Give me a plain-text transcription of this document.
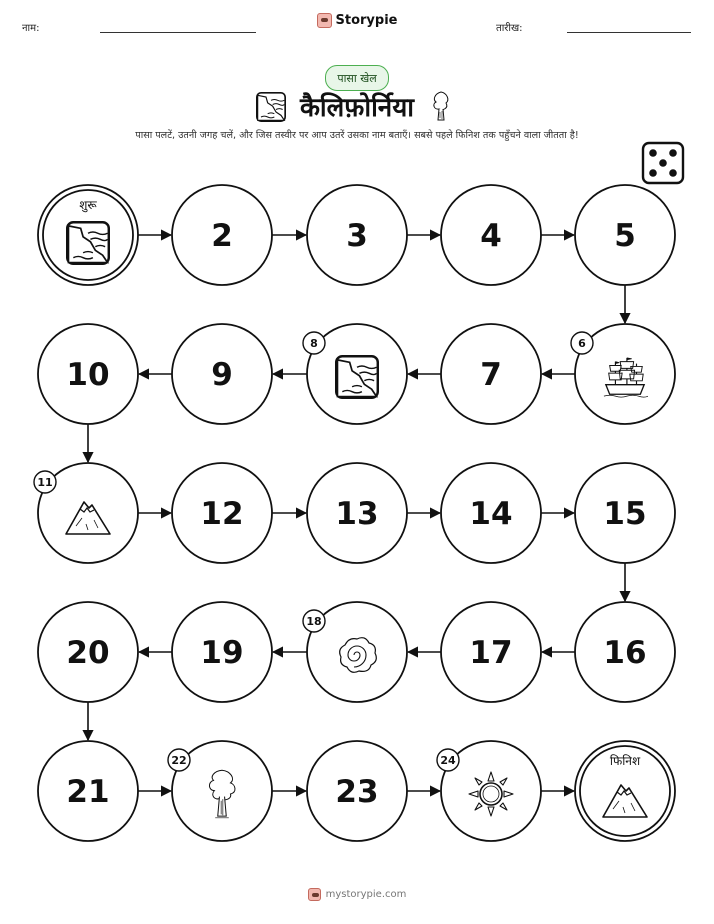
नाम:
Storypie
तारीख:
पासा खेल
कैलिफ़ोर्निया
पासा पलटें, उतनी जगह चलें, और जिस तस्वीर पर आप उतरें उसका नाम बताएँ। सबसे पहले फिनिश तक पहुँचने वाला जीतता है!
शुरू
2	3	4	5
6
7
8
9
10
11
12	13	14	15
16
17
18
19
20
21
22
23
24	फिनिश
mystorypie.com
